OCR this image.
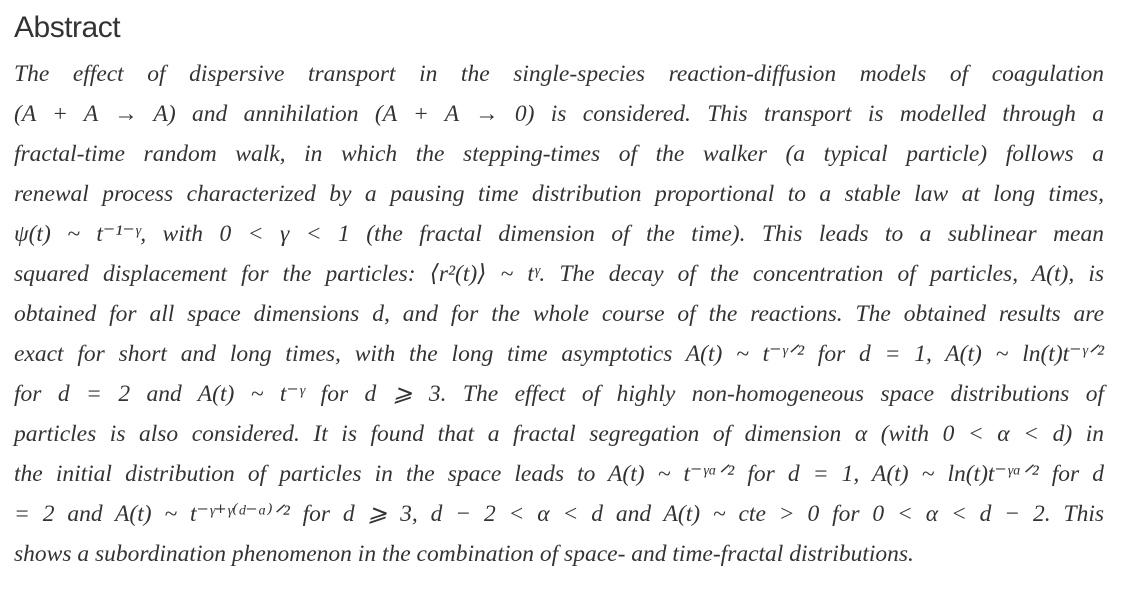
Abstract
The effect of dispersive transport in the single-species reaction-diffusion models of coagulation
(A + A → A) and annihilation (A + A → 0) is considered. This transport is modelled through a
fractal-time random walk, in which the stepping-times of the walker (a typical particle) follows a
renewal process characterized by a pausing time distribution proportional to a stable law at long times,
ψ(t) ~ t⁻¹⁻ᵞ, with 0 < γ < 1 (the fractal dimension of the time). This leads to a sublinear mean
squared displacement for the particles: ⟨r²(t)⟩ ~ tᵞ. The decay of the concentration of particles, A(t), is
obtained for all space dimensions d, and for the whole course of the reactions. The obtained results are
exact for short and long times, with the long time asymptotics A(t) ~ t⁻ᵞᐟ² for d = 1, A(t) ~ ln(t)t⁻ᵞᐟ²
for d = 2 and A(t) ~ t⁻ᵞ for d ⩾ 3. The effect of highly non-homogeneous space distributions of
particles is also considered. It is found that a fractal segregation of dimension α (with 0 < α < d) in
the initial distribution of particles in the space leads to A(t) ~ t⁻ᵞᵅᐟ² for d = 1, A(t) ~ ln(t)t⁻ᵞᵅᐟ² for d
= 2 and A(t) ~ t⁻ᵞ⁺ᵞ⁽ᵈ⁻ᵅ⁾ᐟ² for d ⩾ 3, d − 2 < α < d and A(t) ~ cte > 0 for 0 < α < d − 2. This
shows a subordination phenomenon in the combination of space- and time-fractal distributions.
